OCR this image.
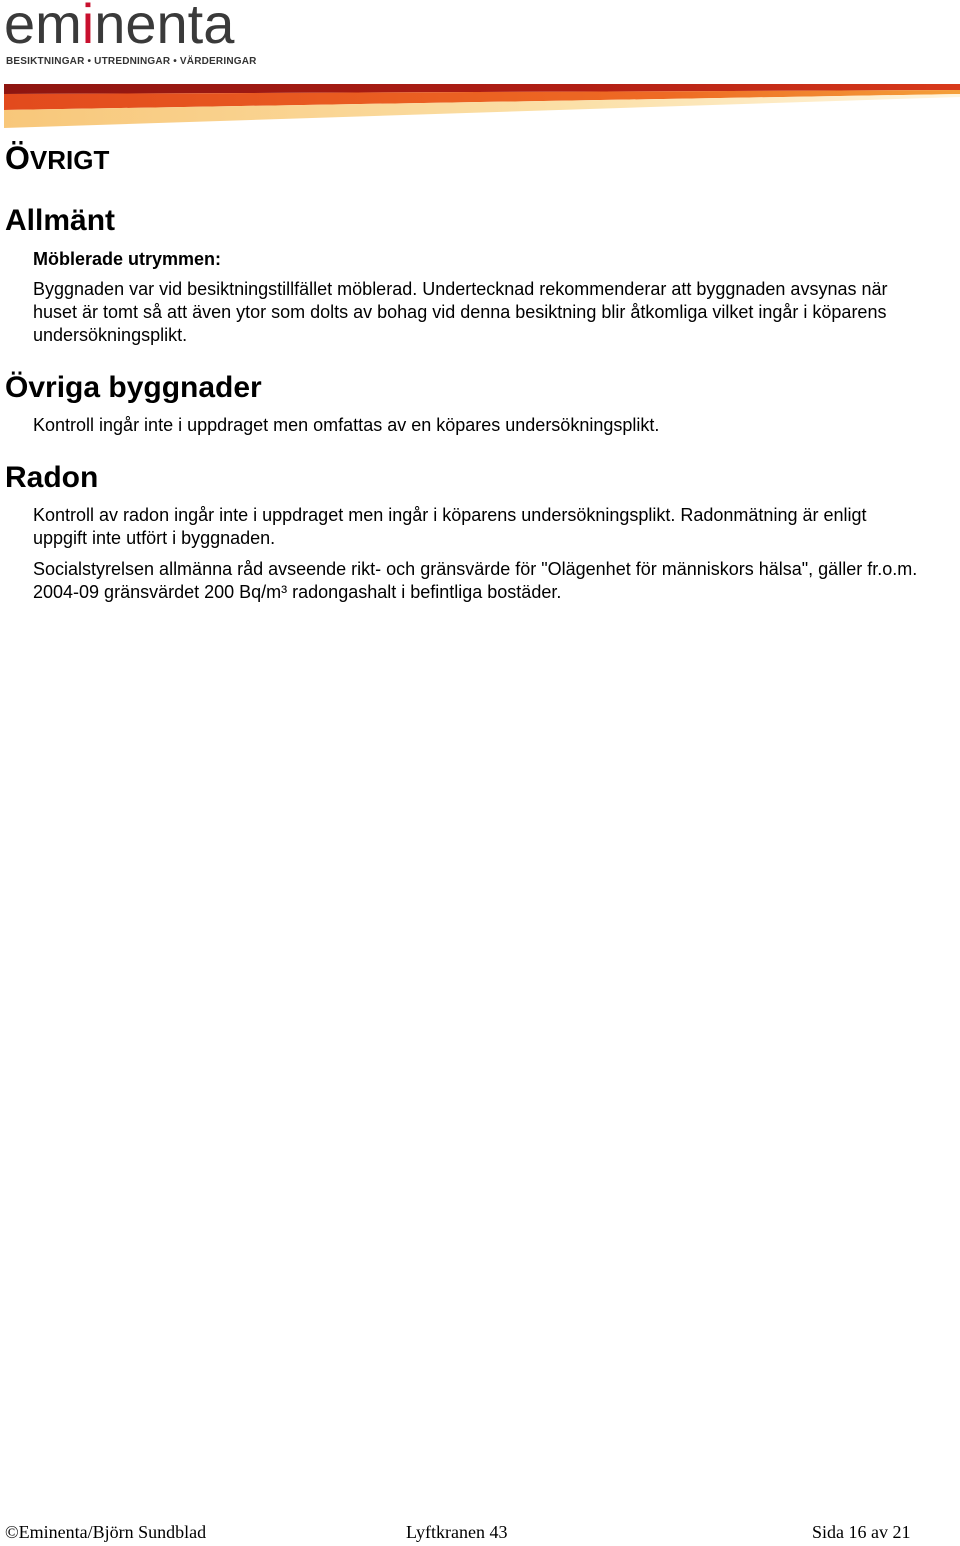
eminenta
BESIKTNINGAR • UTREDNINGAR • VÄRDERINGAR
ÖVRIGT
Allmänt

Möblerade utrymmen:

Byggnaden var vid besiktningstillfället möblerad. Undertecknad rekommenderar att byggnaden avsynas när huset är tomt så att även ytor som dolts av bohag vid denna besiktning blir åtkomliga vilket ingår i köparens undersökningsplikt.

Övriga byggnader

Kontroll ingår inte i uppdraget men omfattas av en köpares undersökningsplikt.

Radon

Kontroll av radon ingår inte i uppdraget men ingår i köparens undersökningsplikt. Radonmätning är enligt uppgift inte utfört i byggnaden.

Socialstyrelsen allmänna råd avseende rikt- och gränsvärde för "Olägenhet för människors hälsa", gäller fr.o.m. 2004-09 gränsvärdet 200 Bq/m³ radongashalt i befintliga bostäder.

©Eminenta/Björn Sundblad	Lyftkranen 43	Sida 16 av 21
